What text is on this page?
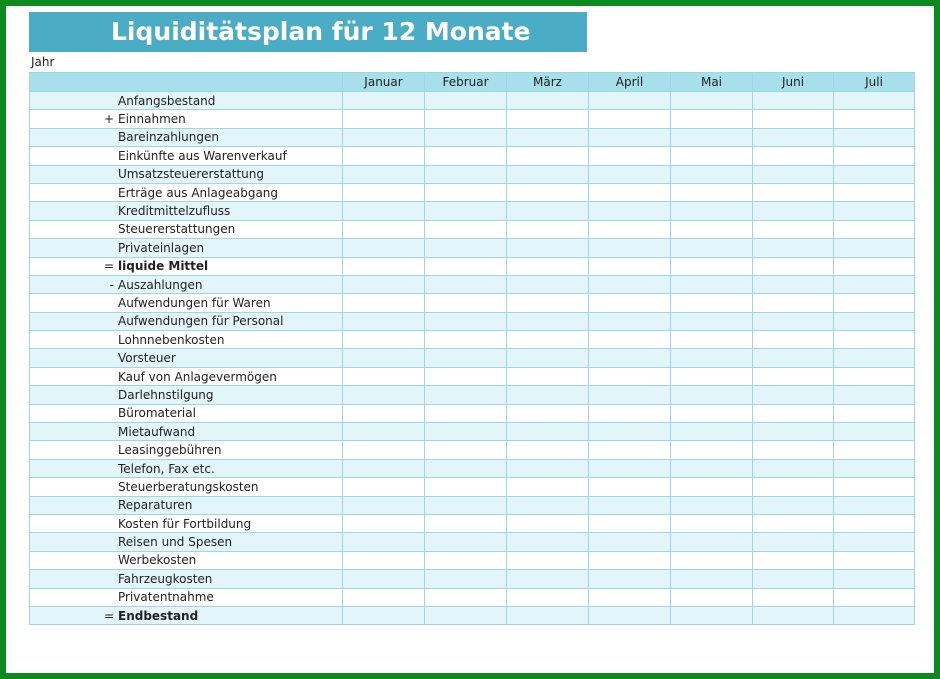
Liquiditätsplan für 12 Monate
Jahr
	Januar	Februar	März	April	Mai	Juni	Juli
Anfangsbestand							
+ Einnahmen							
Bareinzahlungen							
Einkünfte aus Warenverkauf							
Umsatzsteuererstattung							
Erträge aus Anlageabgang							
Kreditmittelzufluss							
Steuererstattungen							
Privateinlagen							
= liquide Mittel							
- Auszahlungen							
Aufwendungen für Waren							
Aufwendungen für Personal							
Lohnnebenkosten							
Vorsteuer							
Kauf von Anlagevermögen							
Darlehnstilgung							
Büromaterial							
Mietaufwand							
Leasinggebühren							
Telefon, Fax etc.							
Steuerberatungskosten							
Reparaturen							
Kosten für Fortbildung							
Reisen und Spesen							
Werbekosten							
Fahrzeugkosten							
Privatentnahme							
= Endbestand							
